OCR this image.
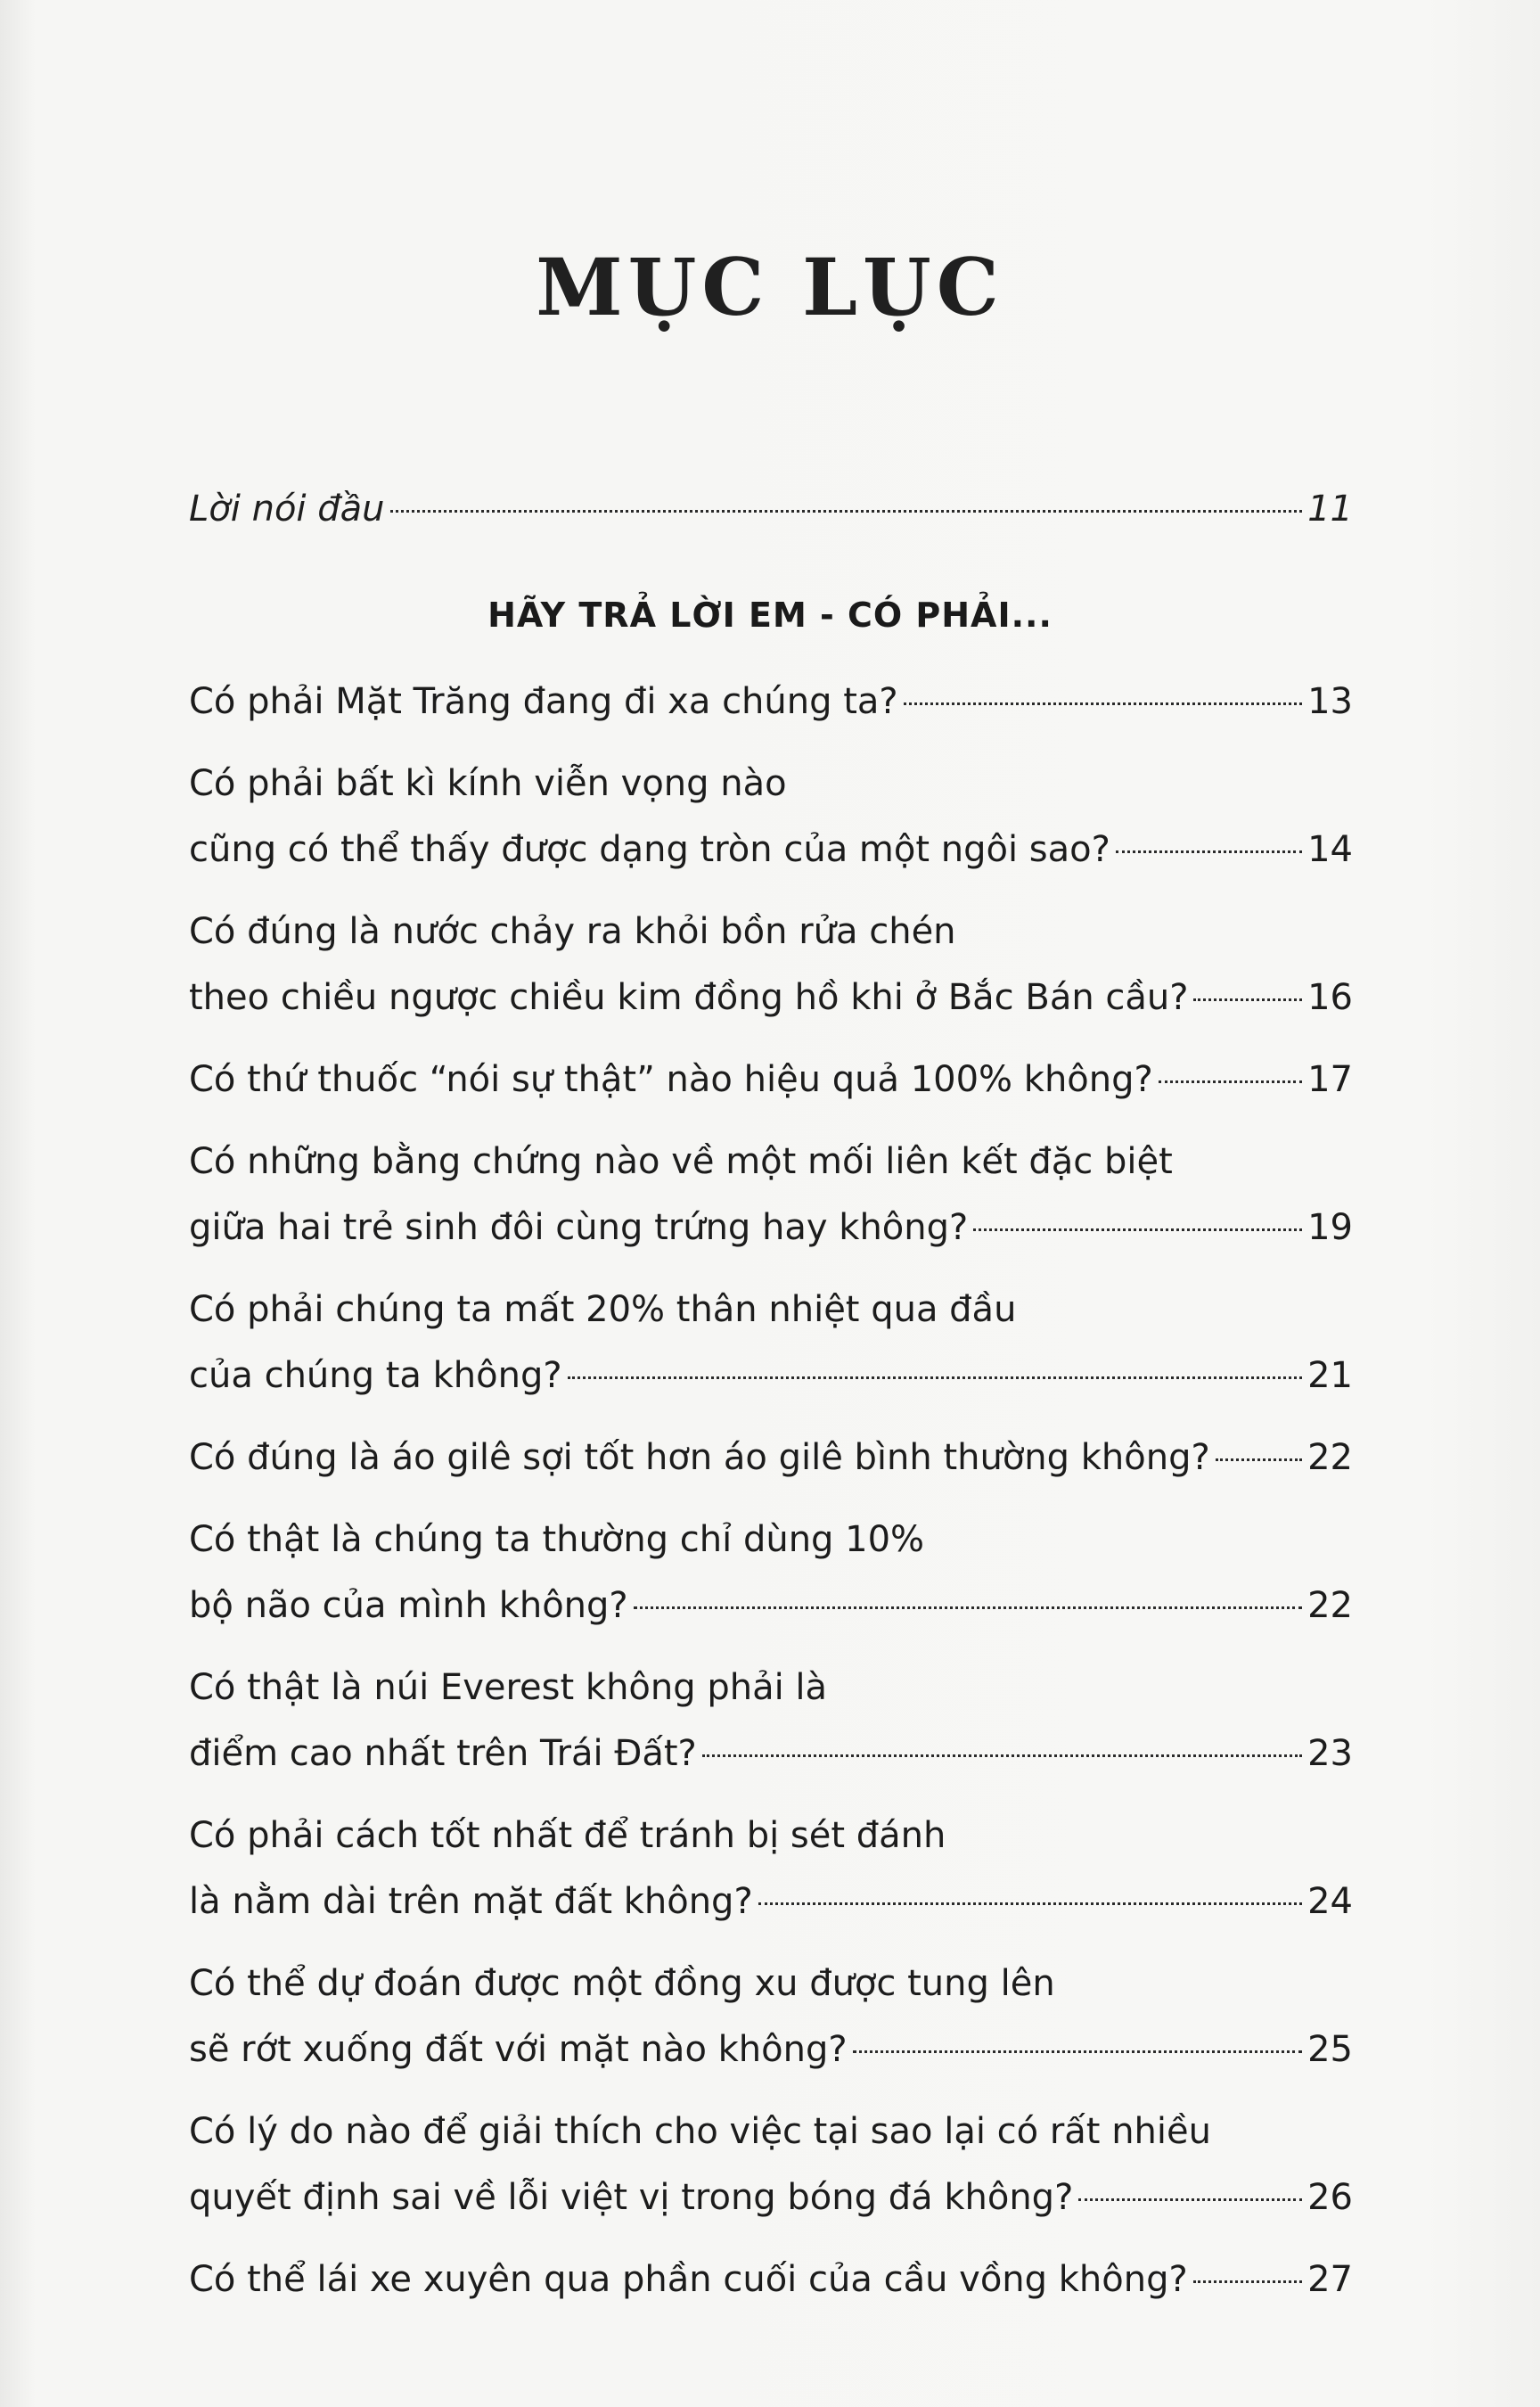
MỤC LỤC
Lời nói đầu	11
HÃY TRẢ LỜI EM - CÓ PHẢI...
Có phải Mặt Trăng đang đi xa chúng ta?	13
Có phải bất kì kính viễn vọng nào
cũng có thể thấy được dạng tròn của một ngôi sao?	14
Có đúng là nước chảy ra khỏi bồn rửa chén
theo chiều ngược chiều kim đồng hồ khi ở Bắc Bán cầu?	16
Có thứ thuốc “nói sự thật” nào hiệu quả 100% không?	17
Có những bằng chứng nào về một mối liên kết đặc biệt
giữa hai trẻ sinh đôi cùng trứng hay không?	19
Có phải chúng ta mất 20% thân nhiệt qua đầu
của chúng ta không?	21
Có đúng là áo gilê sợi tốt hơn áo gilê bình thường không?	22
Có thật là chúng ta thường chỉ dùng 10%
bộ não của mình không?	22
Có thật là núi Everest không phải là
điểm cao nhất trên Trái Đất?	23
Có phải cách tốt nhất để tránh bị sét đánh
là nằm dài trên mặt đất không?	24
Có thể dự đoán được một đồng xu được tung lên
sẽ rớt xuống đất với mặt nào không?	25
Có lý do nào để giải thích cho việc tại sao lại có rất nhiều
quyết định sai về lỗi việt vị trong bóng đá không?	26
Có thể lái xe xuyên qua phần cuối của cầu vồng không?	27
